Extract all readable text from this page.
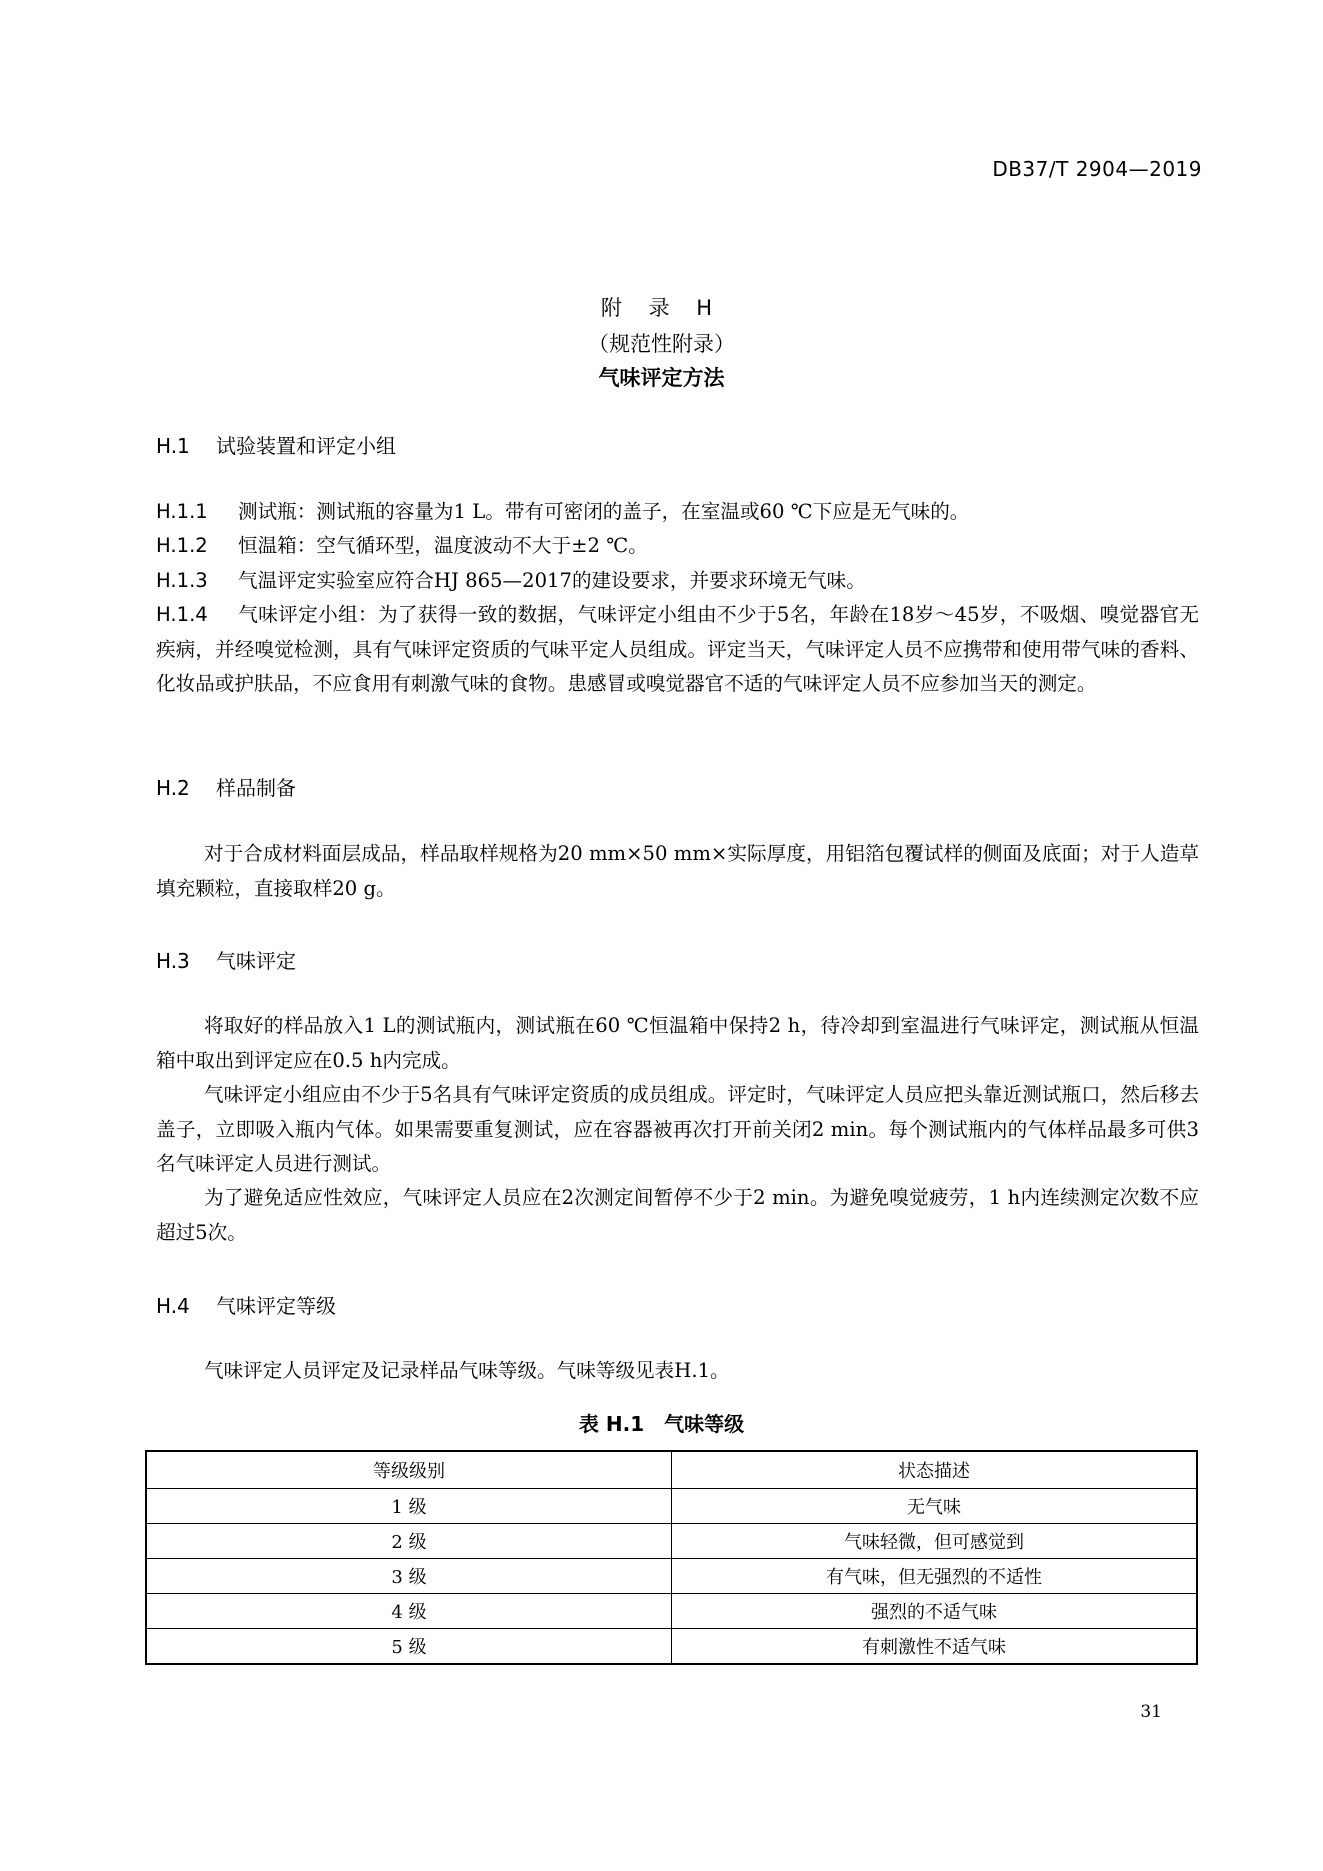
DB37/T 2904—2019
附 录 H
（规范性附录）
气味评定方法
H.1 试验装置和评定小组
H.1.1 测试瓶：测试瓶的容量为1 L。带有可密闭的盖子，在室温或60 ℃下应是无气味的。
H.1.2 恒温箱：空气循环型，温度波动不大于±2 ℃。
H.1.3 气温评定实验室应符合HJ 865—2017的建设要求，并要求环境无气味。
H.1.4 气味评定小组：为了获得一致的数据，气味评定小组由不少于5名，年龄在18岁～45岁，不吸烟、嗅觉器官无疾病，并经嗅觉检测，具有气味评定资质的气味平定人员组成。评定当天，气味评定人员不应携带和使用带气味的香料、化妆品或护肤品，不应食用有刺激气味的食物。患感冒或嗅觉器官不适的气味评定人员不应参加当天的测定。
H.2 样品制备
对于合成材料面层成品，样品取样规格为20 mm×50 mm×实际厚度，用铝箔包覆试样的侧面及底面；对于人造草填充颗粒，直接取样20 g。
H.3 气味评定
将取好的样品放入1 L的测试瓶内，测试瓶在60 ℃恒温箱中保持2 h，待冷却到室温进行气味评定，测试瓶从恒温箱中取出到评定应在0.5 h内完成。
气味评定小组应由不少于5名具有气味评定资质的成员组成。评定时，气味评定人员应把头靠近测试瓶口，然后移去盖子，立即吸入瓶内气体。如果需要重复测试，应在容器被再次打开前关闭2 min。每个测试瓶内的气体样品最多可供3名气味评定人员进行测试。
为了避免适应性效应，气味评定人员应在2次测定间暂停不少于2 min。为避免嗅觉疲劳，1 h内连续测定次数不应超过5次。
H.4 气味评定等级
气味评定人员评定及记录样品气味等级。气味等级见表H.1。
表 H.1　气味等级
等级级别	状态描述
1 级	无气味
2 级	气味轻微，但可感觉到
3 级	有气味，但无强烈的不适性
4 级	强烈的不适气味
5 级	有刺激性不适气味
31
